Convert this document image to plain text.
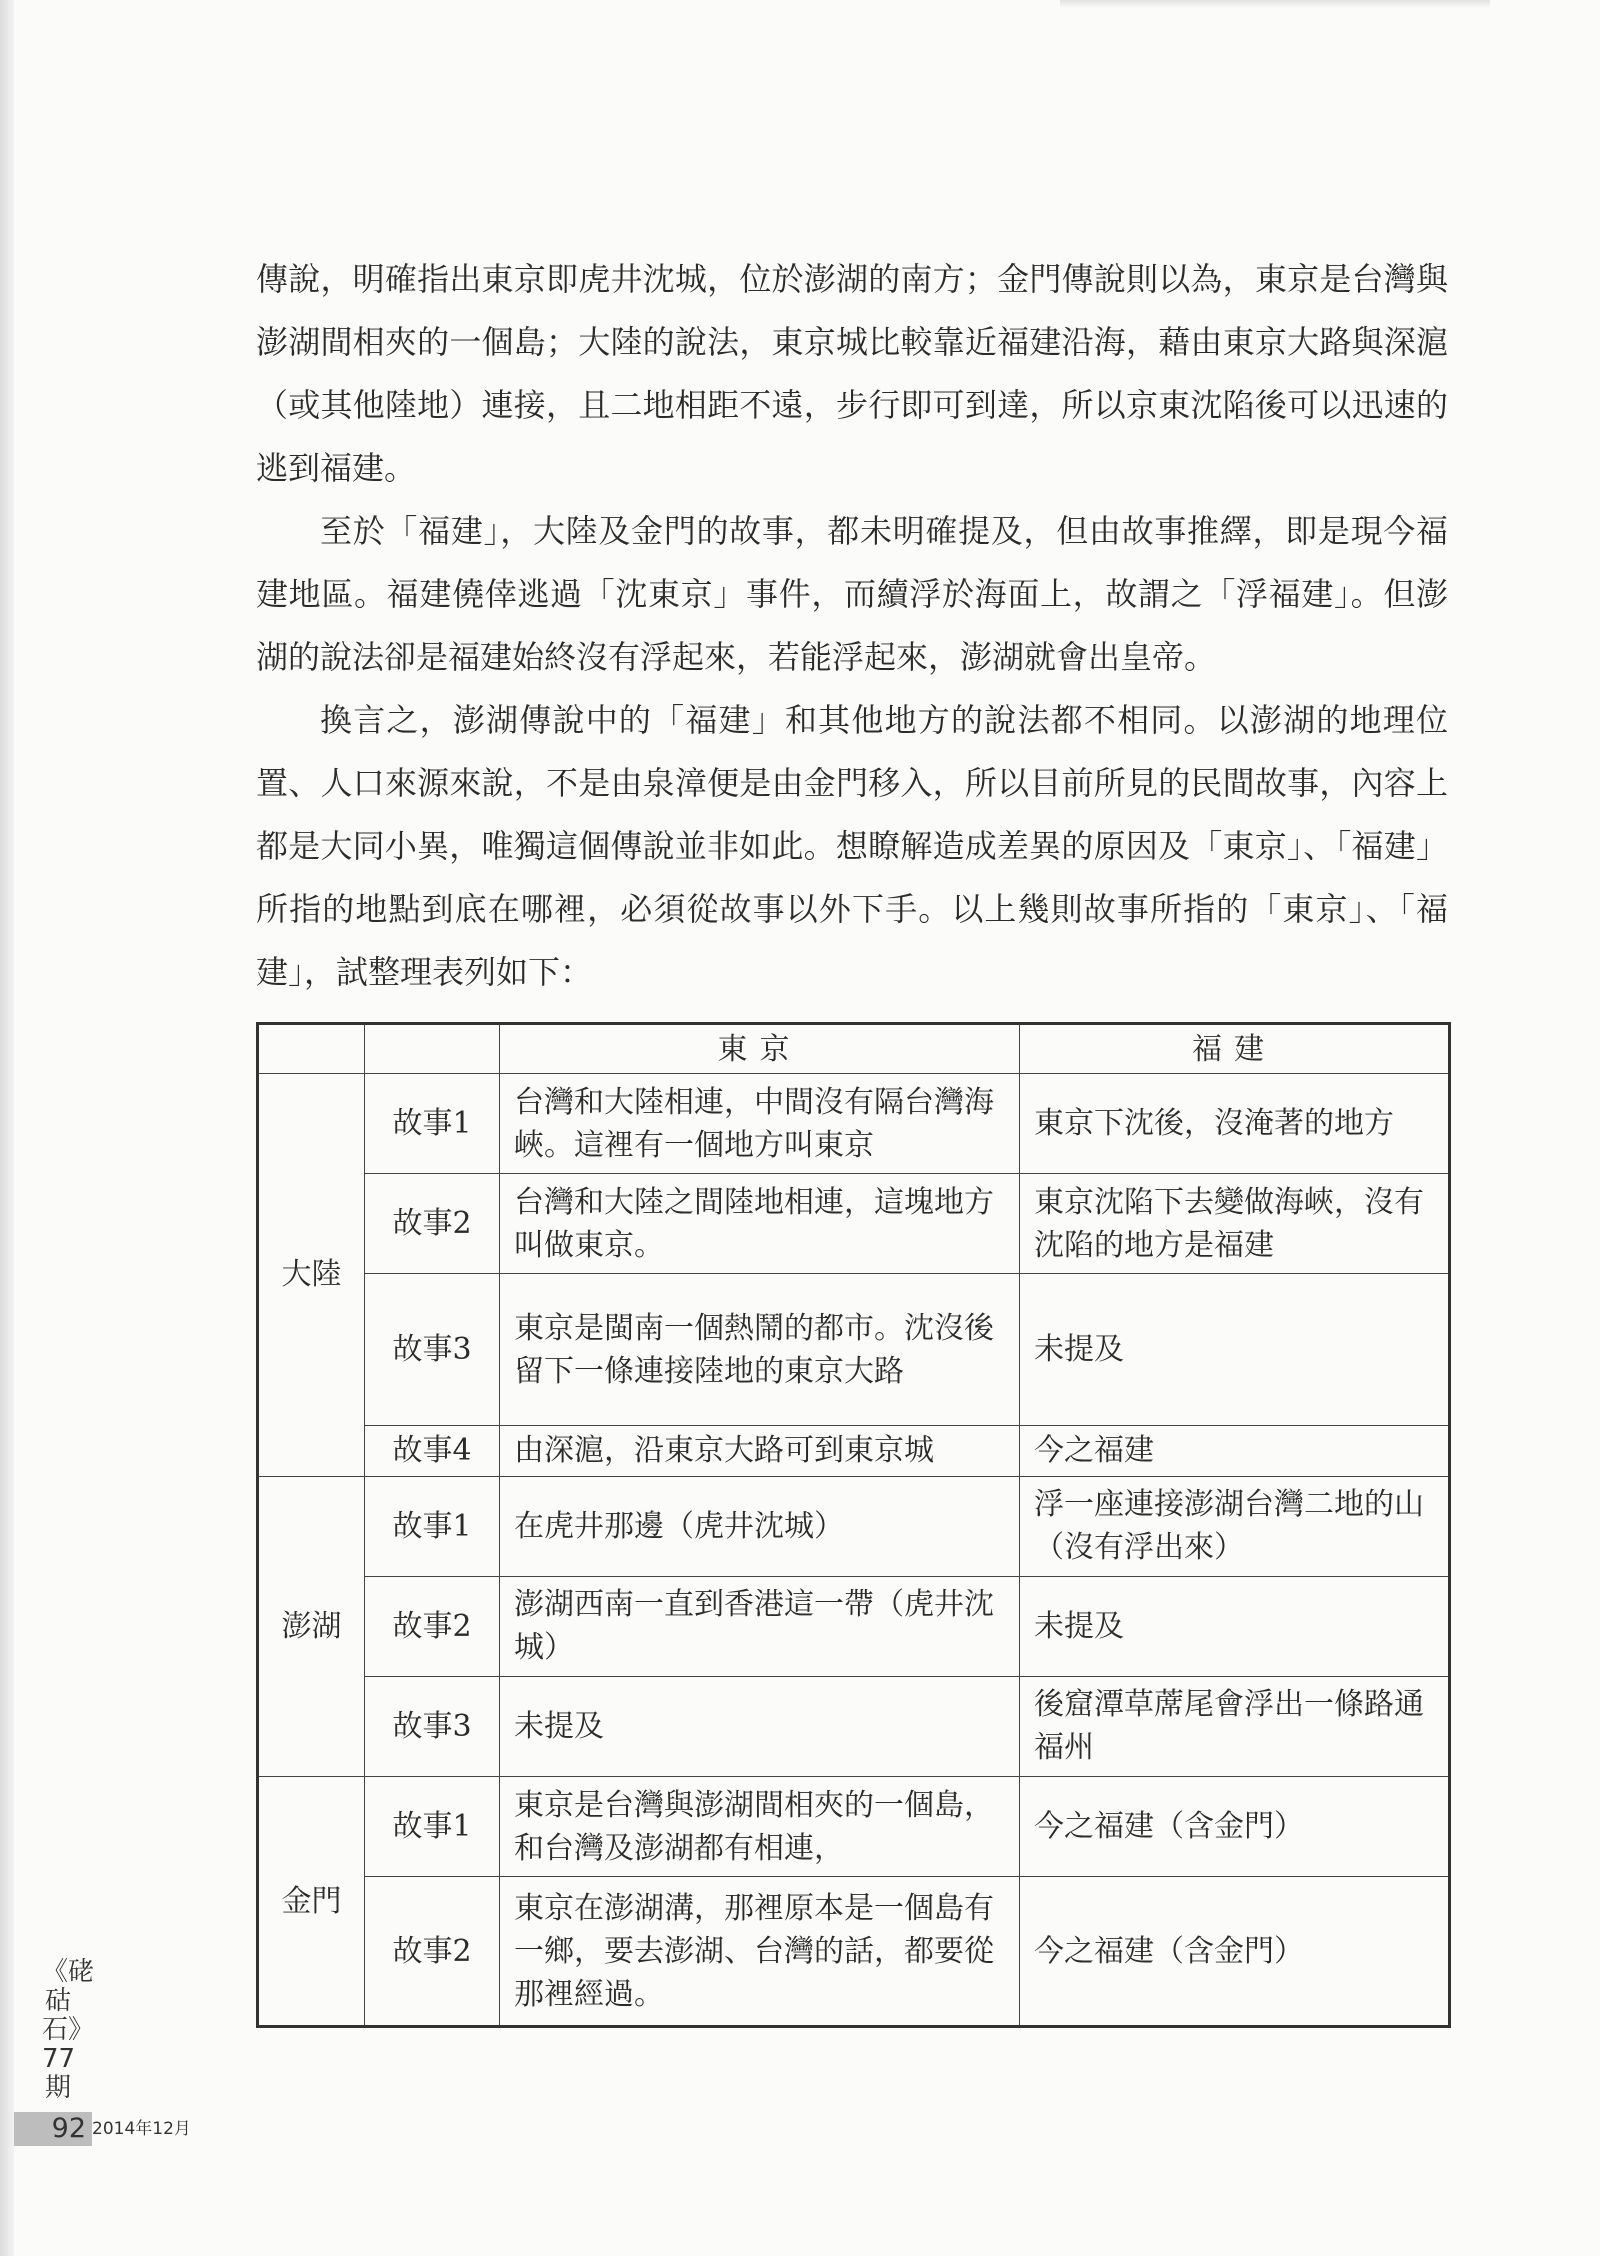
傳說，明確指出東京即虎井沈城，位於澎湖的南方；金門傳說則以為，東京是台灣與澎湖間相夾的一個島；大陸的說法，東京城比較靠近福建沿海，藉由東京大路與深滬（或其他陸地）連接，且二地相距不遠，步行即可到達，所以京東沈陷後可以迅速的逃到福建。

至於「福建」，大陸及金門的故事，都未明確提及，但由故事推繹，即是現今福建地區。福建僥倖逃過「沈東京」事件，而續浮於海面上，故謂之「浮福建」。但澎湖的說法卻是福建始終沒有浮起來，若能浮起來，澎湖就會出皇帝。

換言之，澎湖傳說中的「福建」和其他地方的說法都不相同。以澎湖的地理位置、人口來源來說，不是由泉漳便是由金門移入，所以目前所見的民間故事，內容上都是大同小異，唯獨這個傳說並非如此。想瞭解造成差異的原因及「東京」、「福建」所指的地點到底在哪裡，必須從故事以外下手。以上幾則故事所指的「東京」、「福建」，試整理表列如下：

		東京	福建
大陸	故事1	台灣和大陸相連，中間沒有隔台灣海峽。這裡有一個地方叫東京	東京下沈後，沒淹著的地方
	故事2	台灣和大陸之間陸地相連，這塊地方叫做東京。	東京沈陷下去變做海峽，沒有沈陷的地方是福建
	故事3	東京是閩南一個熱鬧的都市。沈沒後留下一條連接陸地的東京大路	未提及
	故事4	由深滬，沿東京大路可到東京城	今之福建
澎湖	故事1	在虎井那邊（虎井沈城）	浮一座連接澎湖台灣二地的山（沒有浮出來）
	故事2	澎湖西南一直到香港這一帶（虎井沈城）	未提及
	故事3	未提及	後窟潭草蓆尾會浮出一條路通福州
金門	故事1	東京是台灣與澎湖間相夾的一個島，和台灣及澎湖都有相連，	今之福建（含金門）
	故事2	東京在澎湖溝，那裡原本是一個島有一鄉，要去澎湖、台灣的話，都要從那裡經過。	今之福建（含金門）
《硓𥑮石》77期
92 2014年12月
